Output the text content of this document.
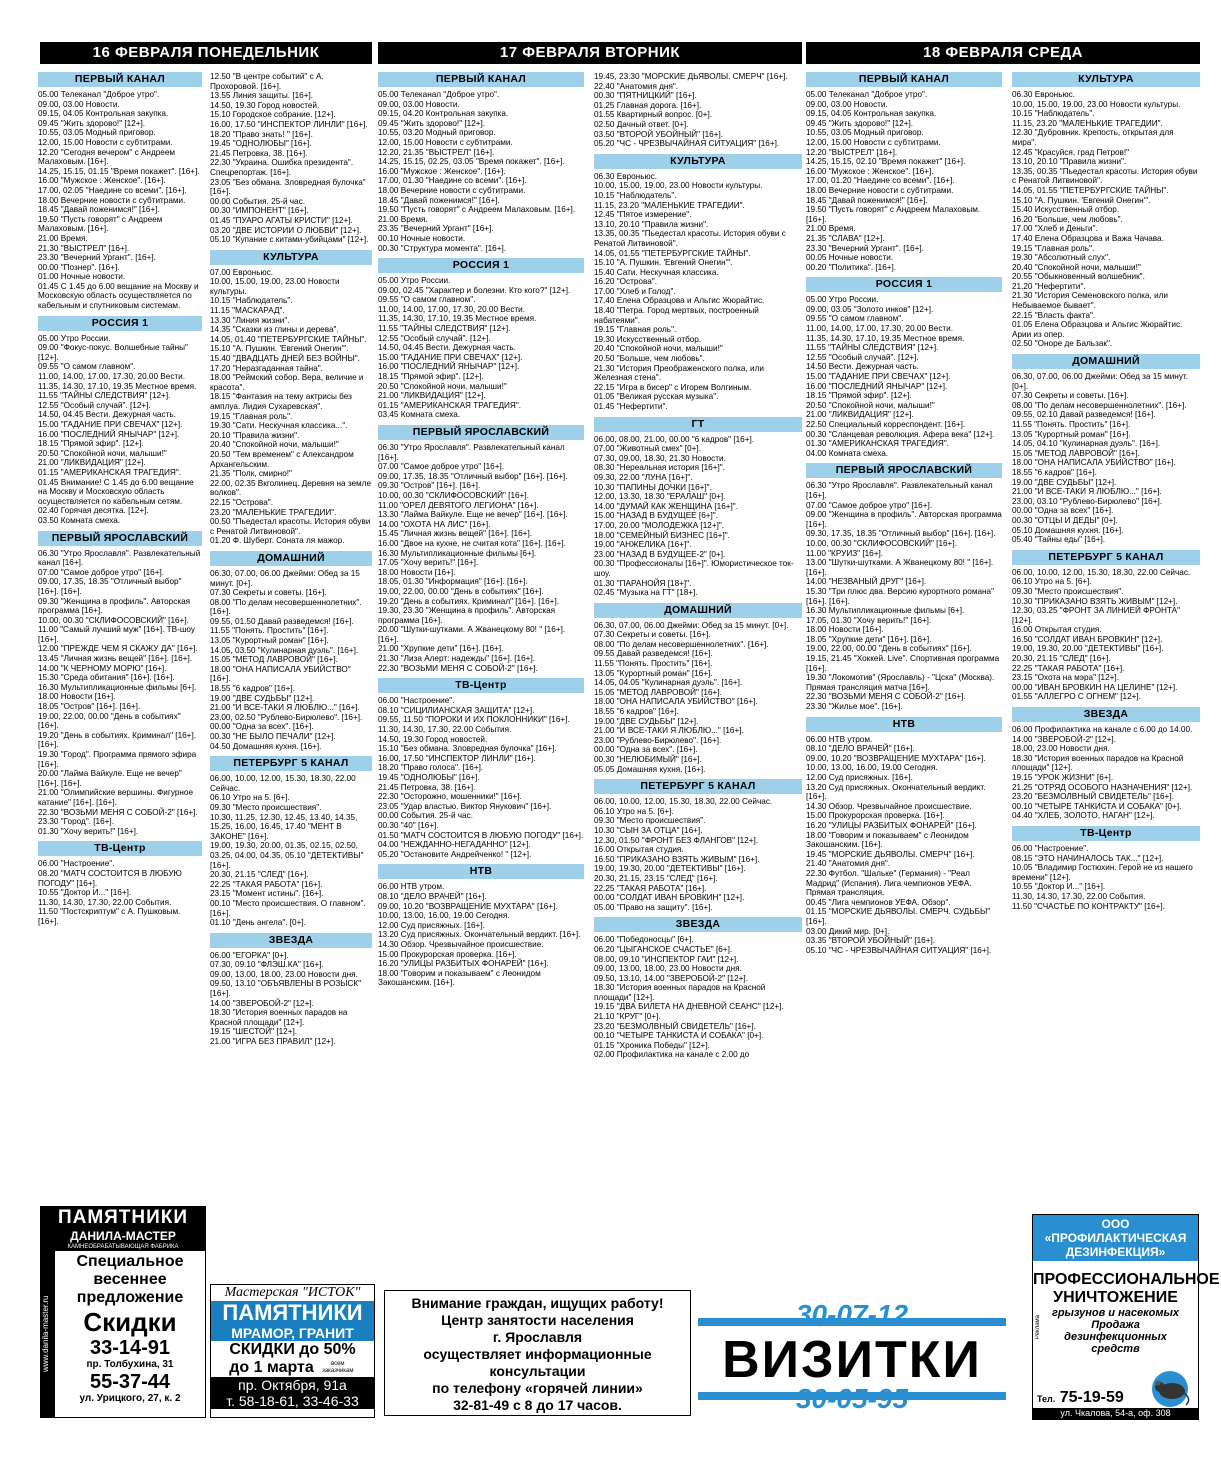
16 ФЕВРАЛЯ ПОНЕДЕЛЬНИК	17 ФЕВРАЛЯ ВТОРНИК	18 ФЕВРАЛЯ СРЕДА
ПЕРВЫЙ КАНАЛ
05.00 Телеканал "Доброе утро".
09.00, 03.00 Новости.
09.15, 04.05 Контрольная закупка.
09.45 "Жить здорово!" [12+].
10.55, 03.05 Модный приговор.
12.00, 15.00 Новости с субтитрами.
12.20 "Сегодня вечером" с Андреем Малаховым. [16+].
14.25, 15.15, 01.15 "Время покажет". [16+].
16.00 "Мужское : Женское". [16+].
17.00, 02.05 "Наедине со всеми". [16+].
18.00 Вечерние новости с субтитрами.
18.45 "Давай поженимся!" [16+].
19.50 "Пусть говорят" с Андреем Малаховым. [16+].
21.00 Время.
21.30 "ВЫСТРЕЛ" [16+].
23.30 "Вечерний Ургант". [16+].
00.00 "Познер". [16+].
01.00 Ночные новости.
01.45 С 1.45 до 6.00 вещание на Москву и Московскую область осуществляется по кабельным и спутниковым системам.
РОССИЯ 1
05.00 Утро России.
09.00 "Фокус-покус. Волшебные тайны" [12+].
09.55 "О самом главном".
11.00, 14.00, 17.00, 17.30, 20.00 Вести.
11.35, 14.30, 17.10, 19.35 Местное время.
11.55 "ТАЙНЫ СЛЕДСТВИЯ" [12+].
12.55 "Особый случай". [12+].
14.50, 04.45 Вести. Дежурная часть.
15.00 "ГАДАНИЕ ПРИ СВЕЧАХ" [12+].
16.00 "ПОСЛЕДНИЙ ЯНЫЧАР" [12+].
18.15 "Прямой эфир". [12+].
20.50 "Спокойной ночи, малыши!"
21.00 "ЛИКВИДАЦИЯ" [12+].
01.15 "АМЕРИКАНСКАЯ ТРАГЕДИЯ".
01.45 Внимание! С 1.45 до 6.00 вещание на Москву и Московскую область осуществляется по кабельным сетям.
02.40 Горячая десятка. [12+].
03.50 Комната смеха.
ПЕРВЫЙ ЯРОСЛАВСКИЙ
06.30 "Утро Ярославля". Развлекательный канал [16+].
07.00 "Самое доброе утро" [16+].
09.00, 17.35, 18.35 "Отличный выбор" [16+]. [16+].
09.30 "Женщина в профиль". Авторская программа [16+].
10.00, 00.30 "СКЛИФОСОВСКИЙ" [16+].
11.00 "Самый лучший муж" [16+]. ТВ-шоу [16+].
12.00 "ПРЕЖДЕ ЧЕМ Я СКАЖУ ДА" [16+].
13.45 "Личная жизнь вещей" [16+]. [16+].
14.00 "К ЧЕРНОМУ МОРЮ" [16+].
15.30 "Среда обитания" [16+]. [16+].
16.30 Мультипликационные фильмы [6+].
18.00 Новости [16+].
18.05 "Остров" [16+]. [16+].
19.00, 22.00, 00.00 "День в событиях" [16+].
19.20 "День в событиях. Криминал" [16+]. [16+].
19.30 "Город". Программа прямого эфира [16+].
20.00 "Лайма Вайкуле. Еще не вечер" [16+]. [16+].
21.00 "Олимпийские вершины. Фигурное катание" [16+]. [16+].
22.30 "ВОЗЬМИ МЕНЯ С СОБОЙ-2" [16+].
23.30 "Город". [16+].
01.30 "Хочу верить!" [16+].
ТВ-Центр
06.00 "Настроение".
08.20 "МАТЧ СОСТОИТСЯ В ЛЮБУЮ ПОГОДУ" [16+].
10.55 "Доктор И..." [16+].
11.30, 14.30, 17.30, 22.00 События.
11.50 "Постскриптум" с А. Пушковым. [16+].
12.50 "В центре событий" с А. Прохоровой. [16+].
13.55 Линия защиты. [16+].
14.50, 19.30 Город новостей.
15.10 Городское собрание. [12+].
16.00, 17.50 "ИНСПЕКТОР ЛИНЛИ" [16+].
18.20 "Право знать! " [16+].
19.45 "ОДНОЛЮБЫ" [16+].
21.45 Петровка, 38. [16+].
22.30 "Украина. Ошибка президента". Спецрепортаж. [16+].
23.05 "Без обмана. Зловредная булочка" [16+].
00.00 События. 25-й час.
00.30 "ИМПОНЕНТ" [16+].
01.45 "ПУАРО АГАТЫ КРИСТИ" [12+].
03.20 "ДВЕ ИСТОРИИ О ЛЮБВИ" [12+].
05.10 "Купание с китами-убийцами" [12+].
КУЛЬТУРА
07.00 Евроньюс.
10.00, 15.00, 19.00, 23.00 Новости культуры.
10.15 "Наблюдатель".
11.15 "МАСКАРАД".
13.30 "Линия жизни".
14.35 "Сказки из глины и дерева".
14.05, 01.40 "ПЕТЕРБУРГСКИЕ ТАЙНЫ".
15.10 "А. Пушкин. 'Евгений Онегин'".
15.40 "ДВАДЦАТЬ ДНЕЙ БЕЗ ВОЙНЫ".
17.20 "Неразгаданная тайна".
18.00 "Реймский собор. Вера, величие и красота".
18.15 "Фантазия на тему актрисы без амплуа. Лидия Сухаревская".
19.15 "Главная роль".
19.30 "Сати. Нескучная классика...".
20.10 "Правила жизни".
20.40 "Спокойной ночи, малыши!"
20.50 "Тем временем" с Александром Архангельским.
21.35 "Полк, смирно!"
22.00, 02.35 Вкголинец. Деревня на земле волков".
22.15 "Острова".
23.20 "МАЛЕНЬКИЕ ТРАГЕДИИ".
00.50 "Пьедестал красоты. История обуви с Ренатой Литвиновой".
01.20 Ф. Шуберт. Соната ля мажор.
ДОМАШНИЙ
06.30, 07.00, 06.00 Джейми: Обед за 15 минут. [0+].
07.30 Секреты и советы. [16+].
08.00 "По делам несовершеннолетних". [16+].
09.55, 01.50 Давай разведемся! [16+].
11.55 "Понять. Простить" [16+].
13.05 "Курортный роман" [16+].
14.05, 03.50 "Кулинарная дуэль". [16+].
15.05 "МЕТОД ЛАВРОВОЙ" [16+].
18.00 "ОНА НАПИСАЛА УБИЙСТВО" [16+].
18.55 "6 кадров" [16+].
19.00 "ДВЕ СУДЬБЫ" [12+].
21.00 "И ВСЕ-ТАКИ Я ЛЮБЛЮ..." [16+].
23.00, 02.50 "Рублево-Бирюлево". [16+].
00.00 "Одна за всех". [16+].
00.30 "НЕ БЫЛО ПЕЧАЛИ" [12+].
04.50 Домашняя кухня. [16+].
ПЕТЕРБУРГ 5 КАНАЛ
06.00, 10.00, 12.00, 15.30, 18.30, 22.00 Сейчас.
06.10 Утро на 5. [6+].
09.30 "Место происшествия".
10.30, 11.25, 12.30, 12.45, 13.40, 14.35, 15.25, 16.00, 16.45, 17.40 "МЕНТ В ЗАКОНЕ" [16+].
19.00, 19.30, 20.00, 01.35, 02.15, 02.50, 03.25, 04.00, 04.35, 05.10 "ДЕТЕКТИВЫ" [16+].
20.30, 21.15 "СЛЕД" [16+].
22.25 "ТАКАЯ РАБОТА" [16+].
23.15 "Момент истины". [16+].
00.10 "Место происшествия. О главном". [16+].
01.10 "День ангела". [0+].
ЗВЕЗДА
06.00 "ЕГОРКА" [0+].
07.30, 09.10 "ФЛЭШ.КА" [16+].
09.00, 13.00, 18.00, 23.00 Новости дня.
09.50, 13.10 "ОБЪЯВЛЕНЫ В РОЗЫСК" [16+].
14.00 "ЗВЕРОБОЙ-2" [12+].
18.30 "История военных парадов на Красной площади" [12+].
19.15 "ШЕСТОЙ" [12+].
21.00 "ИГРА БЕЗ ПРАВИЛ" [12+].
ПЕРВЫЙ КАНАЛ
05.00 Телеканал "Доброе утро".
09.00, 03.00 Новости.
09.15, 04.20 Контрольная закупка.
09.45 "Жить здорово!" [12+].
10.55, 03.20 Модный приговор.
12.00, 15.00 Новости с субтитрами.
12.20, 21.35 "ВЫСТРЕЛ" [16+].
14.25, 15.15, 02.25, 03.05 "Время покажет". [16+].
16.00 "Мужское : Женское". [16+].
17.00, 01.30 "Наедине со всеми". [16+].
18.00 Вечерние новости с субтитрами.
18.45 "Давай поженимся!" [16+].
19.50 "Пусть говорят" с Андреем Малаховым. [16+].
21.00 Время.
23.35 "Вечерний Ургант" [16+].
00.10 Ночные новости.
00.30 "Структура момента". [16+].
РОССИЯ 1
05.00 Утро России.
09.00, 02.45 "Характер и болезни. Кто кого?" [12+].
09.55 "О самом главном".
11.00, 14.00, 17.00, 17.30, 20.00 Вести.
11.35, 14.30, 17.10, 19.35 Местное время.
11.55 "ТАЙНЫ СЛЕДСТВИЯ" [12+].
12.55 "Особый случай". [12+].
14.50, 04.45 Вести. Дежурная часть.
15.00 "ГАДАНИЕ ПРИ СВЕЧАХ" [12+].
16.00 "ПОСЛЕДНИЙ ЯНЫЧАР" [12+].
18.15 "Прямой эфир". [12+].
20.50 "Спокойной ночи, малыши!"
21.00 "ЛИКВИДАЦИЯ" [12+].
01.15 "АМЕРИКАНСКАЯ ТРАГЕДИЯ".
03.45 Комната смеха.
ПЕРВЫЙ ЯРОСЛАВСКИЙ
06.30 "Утро Ярославля". Развлекательный канал [16+].
07.00 "Самое доброе утро" [16+].
09.00, 17.35, 18.35 "Отличный выбор" [16+]. [16+].
09.30 "Остров" [16+]. [16+].
10.00, 00.30 "СКЛИФОСОВСКИЙ" [16+].
11.00 "ОРЕЛ ДЕВЯТОГО ЛЕГИОНА" [16+].
13.30 "Лайма Вайкуле. Еще не вечер" [16+]. [16+].
14.00 "ОХОТА НА ЛИС" [16+].
15.45 "Личная жизнь вещей" [16+]. [16+].
16.00 "Двое на кухне, не считая кота" [16+]. [16+].
16.30 Мультипликационные фильмы [6+].
17.05 "Хочу верить!" [16+].
18.00 Новости [16+].
18.05, 01.30 "Информация" [16+]. [16+].
19.00, 22.00, 00.00 "День в событиях" [16+].
19.20 "День в событиях. Криминал" [16+]. [16+].
19.30, 23.30 "Женщина в профиль". Авторская программа [16+].
20.00 "Шутки-шутками. А Жванецкому 80! " [16+]. [16+].
21.00 "Хрупкие дети" [16+]. [16+].
21.30 "Лиза Алерт: надежды" [16+]. [16+].
22.30 "ВОЗЬМИ МЕНЯ С СОБОЙ-2" [16+].
ТВ-Центр
06.00 "Настроение".
08.10 "СИЦИЛИАНСКАЯ ЗАЩИТА" [12+].
09.55, 11.50 "ПОРОКИ И ИХ ПОКЛОННИКИ" [16+].
11.30, 14.30, 17.30, 22.00 События.
14.50, 19.30 Город новостей.
15.10 "Без обмана. Зловредная булочка" [16+].
16.00, 17.50 "ИНСПЕКТОР ЛИНЛИ" [16+].
18.20 "Право голоса". [16+].
19.45 "ОДНОЛЮБЫ" [16+].
21.45 Петровка, 38. [16+].
22.30 "Осторожно, мошенники!" [16+].
23.05 "Удар властью. Виктор Янукович" [16+].
00.00 События. 25-й час.
00.30 "40" [16+].
01.50 "МАТЧ СОСТОИТСЯ В ЛЮБУЮ ПОГОДУ" [16+].
04.00 "НЕЖДАННО-НЕГАДАННО" [12+].
05.20 "Остановите Андрейченко! " [12+].
НТВ
06.00 НТВ утром.
08.10 "ДЕЛО ВРАЧЕЙ" [16+].
09.00, 10.20 "ВОЗВРАЩЕНИЕ МУХТАРА" [16+].
10.00, 13.00, 16.00, 19.00 Сегодня.
12.00 Суд присяжных. [16+].
13.20 Суд присяжных. Окончательный вердикт. [16+].
14.30 Обзор. Чрезвычайное происшествие.
15.00 Прокурорская проверка. [16+].
16.20 "УЛИЦЫ РАЗБИТЫХ ФОНАРЕЙ" [16+].
18.00 "Говорим и показываем" с Леонидом Закошанским. [16+].
19.45, 23.30 "МОРСКИЕ ДЬЯВОЛЫ. СМЕРЧ" [16+].
22.40 "Анатомия дня".
00.30 "ПЯТНИЦКИЙ" [16+].
01.25 Главная дорога. [16+].
01.55 Квартирный вопрос. [0+].
02.50 Дачный ответ. [0+].
03.50 "ВТОРОЙ УБОЙНЫЙ" [16+].
05.20 "ЧС - ЧРЕЗВЫЧАЙНАЯ СИТУАЦИЯ" [16+].
КУЛЬТУРА
06.30 Евроньюс.
10.00, 15.00, 19.00, 23.00 Новости культуры.
10.15 "Наблюдатель".
11.15, 23.20 "МАЛЕНЬКИЕ ТРАГЕДИИ".
12.45 "Пятое измерение".
13.10, 20.10 "Правила жизни".
13.35, 00.35 "Пьедестал красоты. История обуви с Ренатой Литвиновой".
14.05, 01.55 "ПЕТЕРБУРГСКИЕ ТАЙНЫ".
15.10 "А. Пушкин. 'Евгений Онегин'".
15.40 Сати. Нескучная классика.
16.20 "Острова".
17.00 "Хлеб и Голод".
17.40 Елена Образцова и Альгис Жюрайтис.
18.40 "Петра. Город мертвых, построенный набатеями".
19.15 "Главная роль".
19.30 Искусственный отбор.
20.40 "Спокойной ночи, малыши!"
20.50 "Больше, чем любовь".
21.30 "История Преображенского полка, или Железная стена".
22.15 "Игра в бисер" с Игорем Волгиным.
01.05 "Великая русская музыка".
01.45 "Нефертити".
ГТ
06.00, 08.00, 21.00, 00.00 "6 кадров" [16+].
07.00 "Животный смех" [0+].
07.30, 09.00, 18.30, 21.30 Новости.
08.30 "Нереальная история [16+]".
09.30, 22.00 "ЛУНА [16+]".
10.30 "ПАПИНЫ ДОЧКИ [16+]".
12.00, 13.30, 18.30 "ЕРАЛАШ" [0+].
14.00 "ДУМАЙ КАК ЖЕНЩИНА [16+]".
15.00 "НАЗАД В БУДУЩЕЕ [6+]".
17.00, 20.00 "МОЛОДЕЖКА [12+]".
18.00 "СЕМЕЙНЫЙ БИЗНЕС [16+]".
19.00 "АНЖЕЛИКА [16+]".
23.00 "НАЗАД В БУДУЩЕЕ-2" [0+].
00.30 "Профессионалы [16+]". Юмористическое ток-шоу.
01.30 "ПАРАНОЙЯ [18+]".
02.45 "Музыка на ГТ" [18+].
ДОМАШНИЙ
06.30, 07.00, 06.00 Джейми: Обед за 15 минут. [0+].
07.30 Секреты и советы. [16+].
08.00 "По делам несовершеннолетних". [16+].
09.55 Давай разведемся! [16+].
11.55 "Понять. Простить" [16+].
13.05 "Курортный роман" [16+].
14.05, 04.05 "Кулинарная дуэль". [16+].
15.05 "МЕТОД ЛАВРОВОЙ" [16+].
18.00 "ОНА НАПИСАЛА УБИЙСТВО" [16+].
18.55 "6 кадров" [16+].
19.00 "ДВЕ СУДЬБЫ" [12+].
21.00 "И ВСЕ-ТАКИ Я ЛЮБЛЮ..." [16+].
23.00 "Рублево-Бирюлево". [16+].
00.00 "Одна за всех". [16+].
00.30 "НЕЛЮБИМЫЙ" [16+].
05.05 Домашняя кухня. [16+].
ПЕТЕРБУРГ 5 КАНАЛ
06.00, 10.00, 12.00, 15.30, 18.30, 22.00 Сейчас.
06.10 Утро на 5. [6+].
09.30 "Место происшествия".
10.30 "СЫН ЗА ОТЦА" [16+].
12.30, 01.50 "ФРОНТ БЕЗ ФЛАНГОВ" [12+].
16.00 Открытая студия.
16.50 "ПРИКАЗАНО ВЗЯТЬ ЖИВЫМ" [16+].
19.00, 19.30, 20.00 "ДЕТЕКТИВЫ" [16+].
20.30, 21.15, 23.15 "СЛЕД" [16+].
22.25 "ТАКАЯ РАБОТА" [16+].
00.00 "СОЛДАТ ИВАН БРОВКИН" [12+].
05.00 "Право на защиту". [16+].
ЗВЕЗДА
06.00 "Победоносцы" [6+].
06.20 "ЦЫГАНСКОЕ СЧАСТЬЕ" [6+].
08.00, 09.10 "ИНСПЕКТОР ГАИ" [12+].
09.00, 13.00, 18.00, 23.00 Новости дня.
09.50, 13.10, 14.00 "ЗВЕРОБОЙ-2" [12+].
18.30 "История военных парадов на Красной площади" [12+].
19.15 "ДВА БИЛЕТА НА ДНЕВНОЙ СЕАНС" [12+].
21.10 "КРУГ" [0+].
23.20 "БЕЗМОЛВНЫЙ СВИДЕТЕЛЬ" [16+].
00.10 "ЧЕТЫРЕ ТАНКИСТА И СОБАКА" [0+].
01.15 "Хроника Победы" [12+].
02.00 Профилактика на канале с 2.00 до
ПЕРВЫЙ КАНАЛ
05.00 Телеканал "Доброе утро".
09.00, 03.00 Новости.
09.15, 04.05 Контрольная закупка.
09.45 "Жить здорово!" [12+].
10.55, 03.05 Модный приговор.
12.00, 15.00 Новости с субтитрами.
12.20 "ВЫСТРЕЛ" [16+].
14.25, 15.15, 02.10 "Время покажет" [16+].
16.00 "Мужское : Женское". [16+].
17.00, 01.20 "Наедине со всеми". [16+].
18.00 Вечерние новости с субтитрами.
18.45 "Давай поженимся!" [16+].
19.50 "Пусть говорят" с Андреем Малаховым. [16+].
21.00 Время.
21.35 "СЛАВА" [12+].
23.30 "Вечерний Ургант". [16+].
00.05 Ночные новости.
00.20 "Политика". [16+].
РОССИЯ 1
05.00 Утро России.
09.00, 03.05 "Золото инков" [12+].
09.55 "О самом главном".
11.00, 14.00, 17.00, 17.30, 20.00 Вести.
11.35, 14.30, 17.10, 19.35 Местное время.
11.55 "ТАЙНЫ СЛЕДСТВИЯ" [12+].
12.55 "Особый случай". [12+].
14.50 Вести. Дежурная часть.
15.00 "ГАДАНИЕ ПРИ СВЕЧАХ" [12+].
16.00 "ПОСЛЕДНИЙ ЯНЫЧАР" [12+].
18.15 "Прямой эфир". [12+].
20.50 "Спокойной ночи, малыши!"
21.00 "ЛИКВИДАЦИЯ" [12+].
22.50 Специальный корреспондент. [16+].
00.30 "Сланцевая революция. Афера века" [12+].
01.30 "АМЕРИКАНСКАЯ ТРАГЕДИЯ".
04.00 Комната смеха.
ПЕРВЫЙ ЯРОСЛАВСКИЙ
06.30 "Утро Ярославля". Развлекательный канал [16+].
07.00 "Самое доброе утро" [16+].
09.00 "Женщина в профиль". Авторская программа [16+].
09.30, 17.35, 18.35 "Отличный выбор" [16+]. [16+].
10.00, 00.30 "СКЛИФОСОВСКИЙ" [16+].
11.00 "КРУИЗ" [16+].
13.00 "Шутки-шутками. А Жванецкому 80! " [16+]. [16+].
14.00 "НЕЗВАНЫЙ ДРУГ" [16+].
15.30 "Три плюс два. Версию курортного романа" [16+]. [16+].
16.30 Мультипликационные фильмы [6+].
17.05, 01.30 "Хочу верить!" [16+].
18.00 Новости [16+].
18.05 "Хрупкие дети" [16+]. [16+].
19.00, 22.00, 00.00 "День в событиях" [16+].
19.15, 21.45 "Хоккей. Live". Спортивная программа [16+].
19.30 "Локомотив" (Ярославль) - "Цска" (Москва). Прямая трансляция матча [16+].
22.30 "ВОЗЬМИ МЕНЯ С СОБОЙ-2" [16+].
23.30 "Жилье мое". [16+].
НТВ
06.00 НТВ утром.
08.10 "ДЕЛО ВРАЧЕЙ" [16+].
09.00, 10.20 "ВОЗВРАЩЕНИЕ МУХТАРА" [16+].
10.00, 13.00, 16.00, 19.00 Сегодня.
12.00 Суд присяжных. [16+].
13.20 Суд присяжных. Окончательный вердикт. [16+].
14.30 Обзор. Чрезвычайное происшествие.
15.00 Прокурорская проверка. [16+].
16.20 "УЛИЦЫ РАЗБИТЫХ ФОНАРЕЙ" [16+].
18.00 "Говорим и показываем" с Леонидом Закошанским. [16+].
19.45 "МОРСКИЕ ДЬЯВОЛЫ. СМЕРЧ" [16+].
21.40 "Анатомия дня".
22.30 Футбол. "Шальке" (Германия) - "Реал Мадрид" (Испания). Лига чемпионов УЕФА. Прямая трансляция.
00.45 "Лига чемпионов УЕФА. Обзор".
01.15 "МОРСКИЕ ДЬЯВОЛЫ. СМЕРЧ. СУДЬБЫ" [16+].
03.00 Дикий мир. [0+].
03.35 "ВТОРОЙ УБОЙНЫЙ" [16+].
05.10 "ЧС - ЧРЕЗВЫЧАЙНАЯ СИТУАЦИЯ" [16+].
КУЛЬТУРА
06.30 Евроньюс.
10.00, 15.00, 19.00, 23.00 Новости культуры.
10.15 "Наблюдатель".
11.15, 23.20 "МАЛЕНЬКИЕ ТРАГЕДИИ".
12.30 "Дубровник. Крепость, открытая для мира".
12.45 "Красуйся, град Петров!"
13.10, 20.10 "Правила жизни".
13.35, 00.35 "Пьедестал красоты. История обуви с Ренатой Литвиновой".
14.05, 01.55 "ПЕТЕРБУРГСКИЕ ТАЙНЫ".
15.10 "А. Пушкин. 'Евгений Онегин'".
15.40 Искусственный отбор.
16.20 "Больше, чем любовь".
17.00 "Хлеб и Деньги".
17.40 Елена Образцова и Важа Чачава.
19.15 "Главная роль".
19.30 "Абсолютный слух".
20.40 "Спокойной ночи, малыши!"
20.55 "Обыкновенный волшебник".
21.20 "Нефертити".
21.30 "История Семеновского полка, или Небываемое бывает".
22.15 "Власть факта".
01.05 Елена Образцова и Альгис Жюрайтис. Арии из опер.
02.50 "Оноре де Бальзак".
ДОМАШНИЙ
06.30, 07.00, 06.00 Джейми: Обед за 15 минут. [0+].
07.30 Секреты и советы. [16+].
08.00 "По делам несовершеннолетних". [16+].
09.55, 02.10 Давай разведемся! [16+].
11.55 "Понять. Простить" [16+].
13.05 "Курортный роман" [16+].
14.05, 04.10 "Кулинарная дуэль". [16+].
15.05 "МЕТОД ЛАВРОВОЙ" [16+].
18.00 "ОНА НАПИСАЛА УБИЙСТВО" [16+].
18.55 "6 кадров" [16+].
19.00 "ДВЕ СУДЬБЫ" [12+].
21.00 "И ВСЕ-ТАКИ Я ЛЮБЛЮ..." [16+].
23.00, 03.10 "Рублево-Бирюлево" [16+].
00.00 "Одна за всех" [16+].
00.30 "ОТЦЫ И ДЕДЫ" [0+].
05.10 Домашняя кухня. [16+].
05.40 "Тайны еды" [16+].
ПЕТЕРБУРГ 5 КАНАЛ
06.00, 10.00, 12.00, 15.30, 18.30, 22.00 Сейчас.
06.10 Утро на 5. [6+].
09.30 "Место происшествия".
10.30 "ПРИКАЗАНО ВЗЯТЬ ЖИВЫМ" [12+].
12.30, 03.25 "ФРОНТ ЗА ЛИНИЕЙ ФРОНТА" [12+].
16.00 Открытая студия.
16.50 "СОЛДАТ ИВАН БРОВКИН" [12+].
19.00, 19.30, 20.00 "ДЕТЕКТИВЫ" [16+].
20.30, 21.15 "СЛЕД" [16+].
22.25 "ТАКАЯ РАБОТА" [16+].
23.15 "Охота на мэра" [12+].
00.00 "ИВАН БРОВКИН НА ЦЕЛИНЕ" [12+].
01.55 "АЛЛЕГРО С ОГНЕМ" [12+].
ЗВЕЗДА
06.00 Профилактика на канале с 6.00 до 14.00.
14.00 "ЗВЕРОБОЙ-2" [12+].
18.00, 23.00 Новости дня.
18.30 "История военных парадов на Красной площади" [12+].
19.15 "УРОК ЖИЗНИ" [6+].
21.25 "ОТРЯД ОСОБОГО НАЗНАЧЕНИЯ" [12+].
23.20 "БЕЗМОЛВНЫЙ СВИДЕТЕЛЬ" [16+].
00.10 "ЧЕТЫРЕ ТАНКИСТА И СОБАКА" [0+].
04.40 "ХЛЕБ, ЗОЛОТО, НАГАН" [12+].
ТВ-Центр
06.00 "Настроение".
08.15 "ЭТО НАЧИНАЛОСЬ ТАК..." [12+].
10.05 "Владимир Гостюхин. Герой не из нашего времени" [12+].
10.55 "Доктор И..." [16+].
11.30, 14.30, 17.30, 22.00 События.
11.50 "СЧАСТЬЕ ПО КОНТРАКТУ" [16+].
ПАМЯТНИКИ
ДАНИЛА-МАСТЕР
КАМНЕОБРАБАТЫВАЮЩАЯ ФАБРИКА
www.danila-master.ru
Специальное
весеннее
предложение
Скидки
33-14-91
пр. Толбухина, 31
55-37-44
ул. Урицкого, 27, к. 2
Мастерская "ИСТОК"
ПАМЯТНИКИ
МРАМОР, ГРАНИТ
СКИДКИ до 50%
до 1 марта	всем заказчикам
пр. Октября, 91а
т. 58-18-61, 33-46-33
Внимание граждан, ищущих работу!
Центр занятости населения
г. Ярославля
осуществляет информационные
консультации
по телефону «горячей линии»
32-81-49 с 8 до 17 часов.
30-07-12
ВИЗИТКИ
30-05-95
ООО «ПРОФИЛАКТИЧЕСКАЯ ДЕЗИНФЕКЦИЯ»
ПРОФЕССИОНАЛЬНОЕ
УНИЧТОЖЕНИЕ
грызунов и насекомых
Продажа
дезинфекционных
средств
Тел. 75-19-59
ул. Чкалова, 54-а, оф. 308
Реклама
